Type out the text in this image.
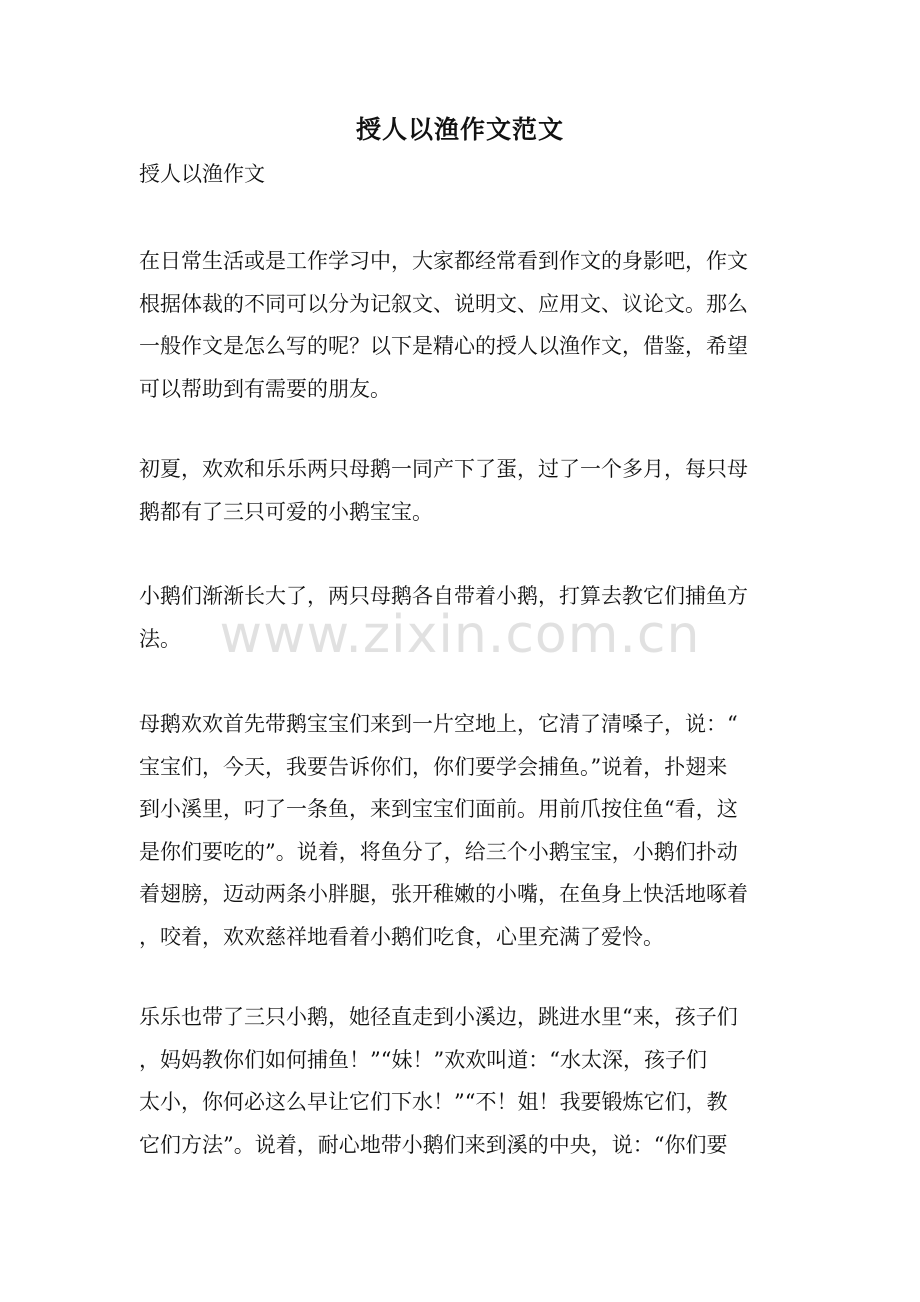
授人以渔作文范文
授人以渔作文
在日常生活或是工作学习中，大家都经常看到作文的身影吧，作文
根据体裁的不同可以分为记叙文、说明文、应用文、议论文。那么
一般作文是怎么写的呢？以下是精心的授人以渔作文，借鉴，希望
可以帮助到有需要的朋友。
初夏，欢欢和乐乐两只母鹅一同产下了蛋，过了一个多月，每只母
鹅都有了三只可爱的小鹅宝宝。
小鹅们渐渐长大了，两只母鹅各自带着小鹅，打算去教它们捕鱼方
法。
母鹅欢欢首先带鹅宝宝们来到一片空地上，它清了清嗓子，说：“
宝宝们，今天，我要告诉你们，你们要学会捕鱼。”说着，扑翅来
到小溪里，叼了一条鱼，来到宝宝们面前。用前爪按住鱼“看，这
是你们要吃的”。说着，将鱼分了，给三个小鹅宝宝，小鹅们扑动
着翅膀，迈动两条小胖腿，张开稚嫩的小嘴，在鱼身上快活地啄着
，咬着，欢欢慈祥地看着小鹅们吃食，心里充满了爱怜。
乐乐也带了三只小鹅，她径直走到小溪边，跳进水里“来，孩子们
，妈妈教你们如何捕鱼！”“妹！”欢欢叫道：“水太深，孩子们
太小，你何必这么早让它们下水！”“不！姐！我要锻炼它们，教
它们方法”。说着，耐心地带小鹅们来到溪的中央，说：“你们要
www.zixin.com.cn
